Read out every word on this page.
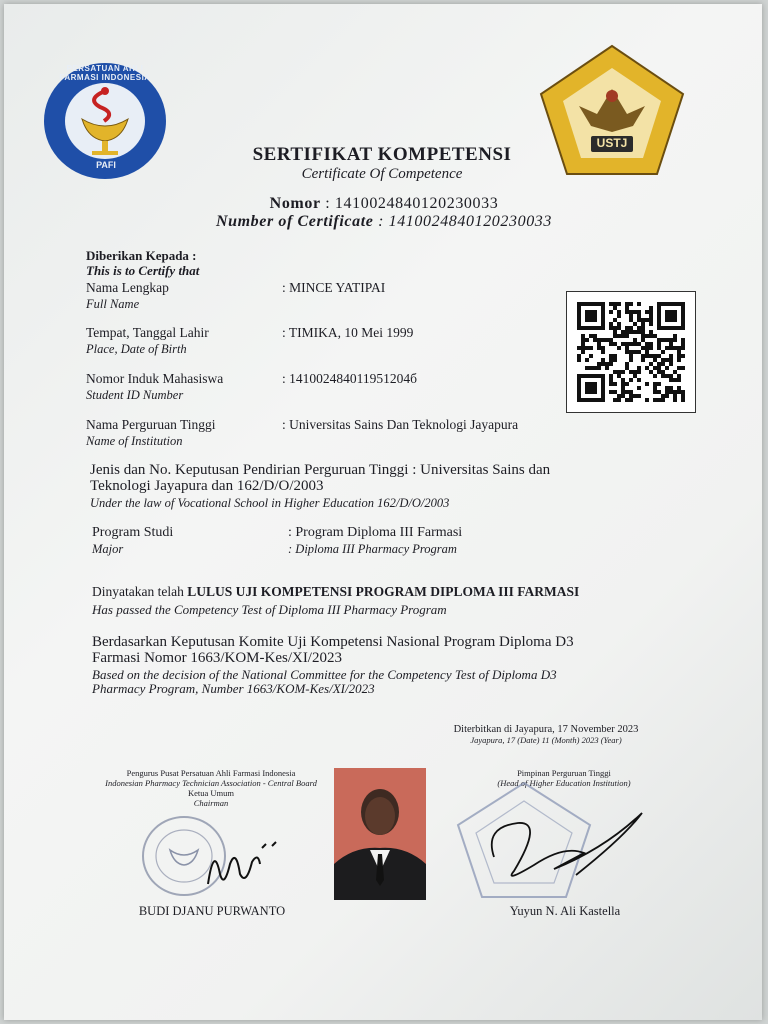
PERSATUAN AHLI FARMASI INDONESIA
PAFI
USTJ
SERTIFIKAT KOMPETENSI
Certificate Of Competence
Nomor : 1410024840120230033
Number of Certificate : 1410024840120230033
Diberikan Kepada :
This is to Certify that
Nama Lengkap
Full Name
: MINCE YATIPAI
Tempat, Tanggal Lahir
Place, Date of Birth
: TIMIKA, 10 Mei 1999
Nomor Induk Mahasiswa
Student ID Number
: 141002484011951204б
Nama Perguruan Tinggi
Name of Institution
: Universitas Sains Dan Teknologi Jayapura
Jenis dan No. Keputusan Pendirian Perguruan Tinggi : Universitas Sains dan
Teknologi Jayapura dan 162/D/O/2003
Under the law of Vocational School in Higher Education 162/D/O/2003
Program Studi
Major
: Program Diploma III Farmasi
: Diploma III Pharmacy Program
Dinyatakan telah LULUS UJI KOMPETENSI PROGRAM DIPLOMA III FARMASI
Has passed the Competency Test of Diploma III Pharmacy Program
Berdasarkan Keputusan Komite Uji Kompetensi Nasional Program Diploma D3
Farmasi Nomor 1663/KOM-Kes/XI/2023
Based on the decision of the National Committee for the Competency Test of Diploma D3
Pharmacy Program, Number 1663/KOM-Kes/XI/2023
Diterbitkan di Jayapura, 17 November 2023
Jayapura, 17 (Date) 11 (Month) 2023 (Year)
Pengurus Pusat Persatuan Ahli Farmasi Indonesia
Indonesian Pharmacy Technician Association - Central Board
Ketua Umum
Chairman
BUDI DJANU PURWANTO
Pimpinan Perguruan Tinggi
(Head of Higher Education Institution)
Yuyun N. Ali Kastella
